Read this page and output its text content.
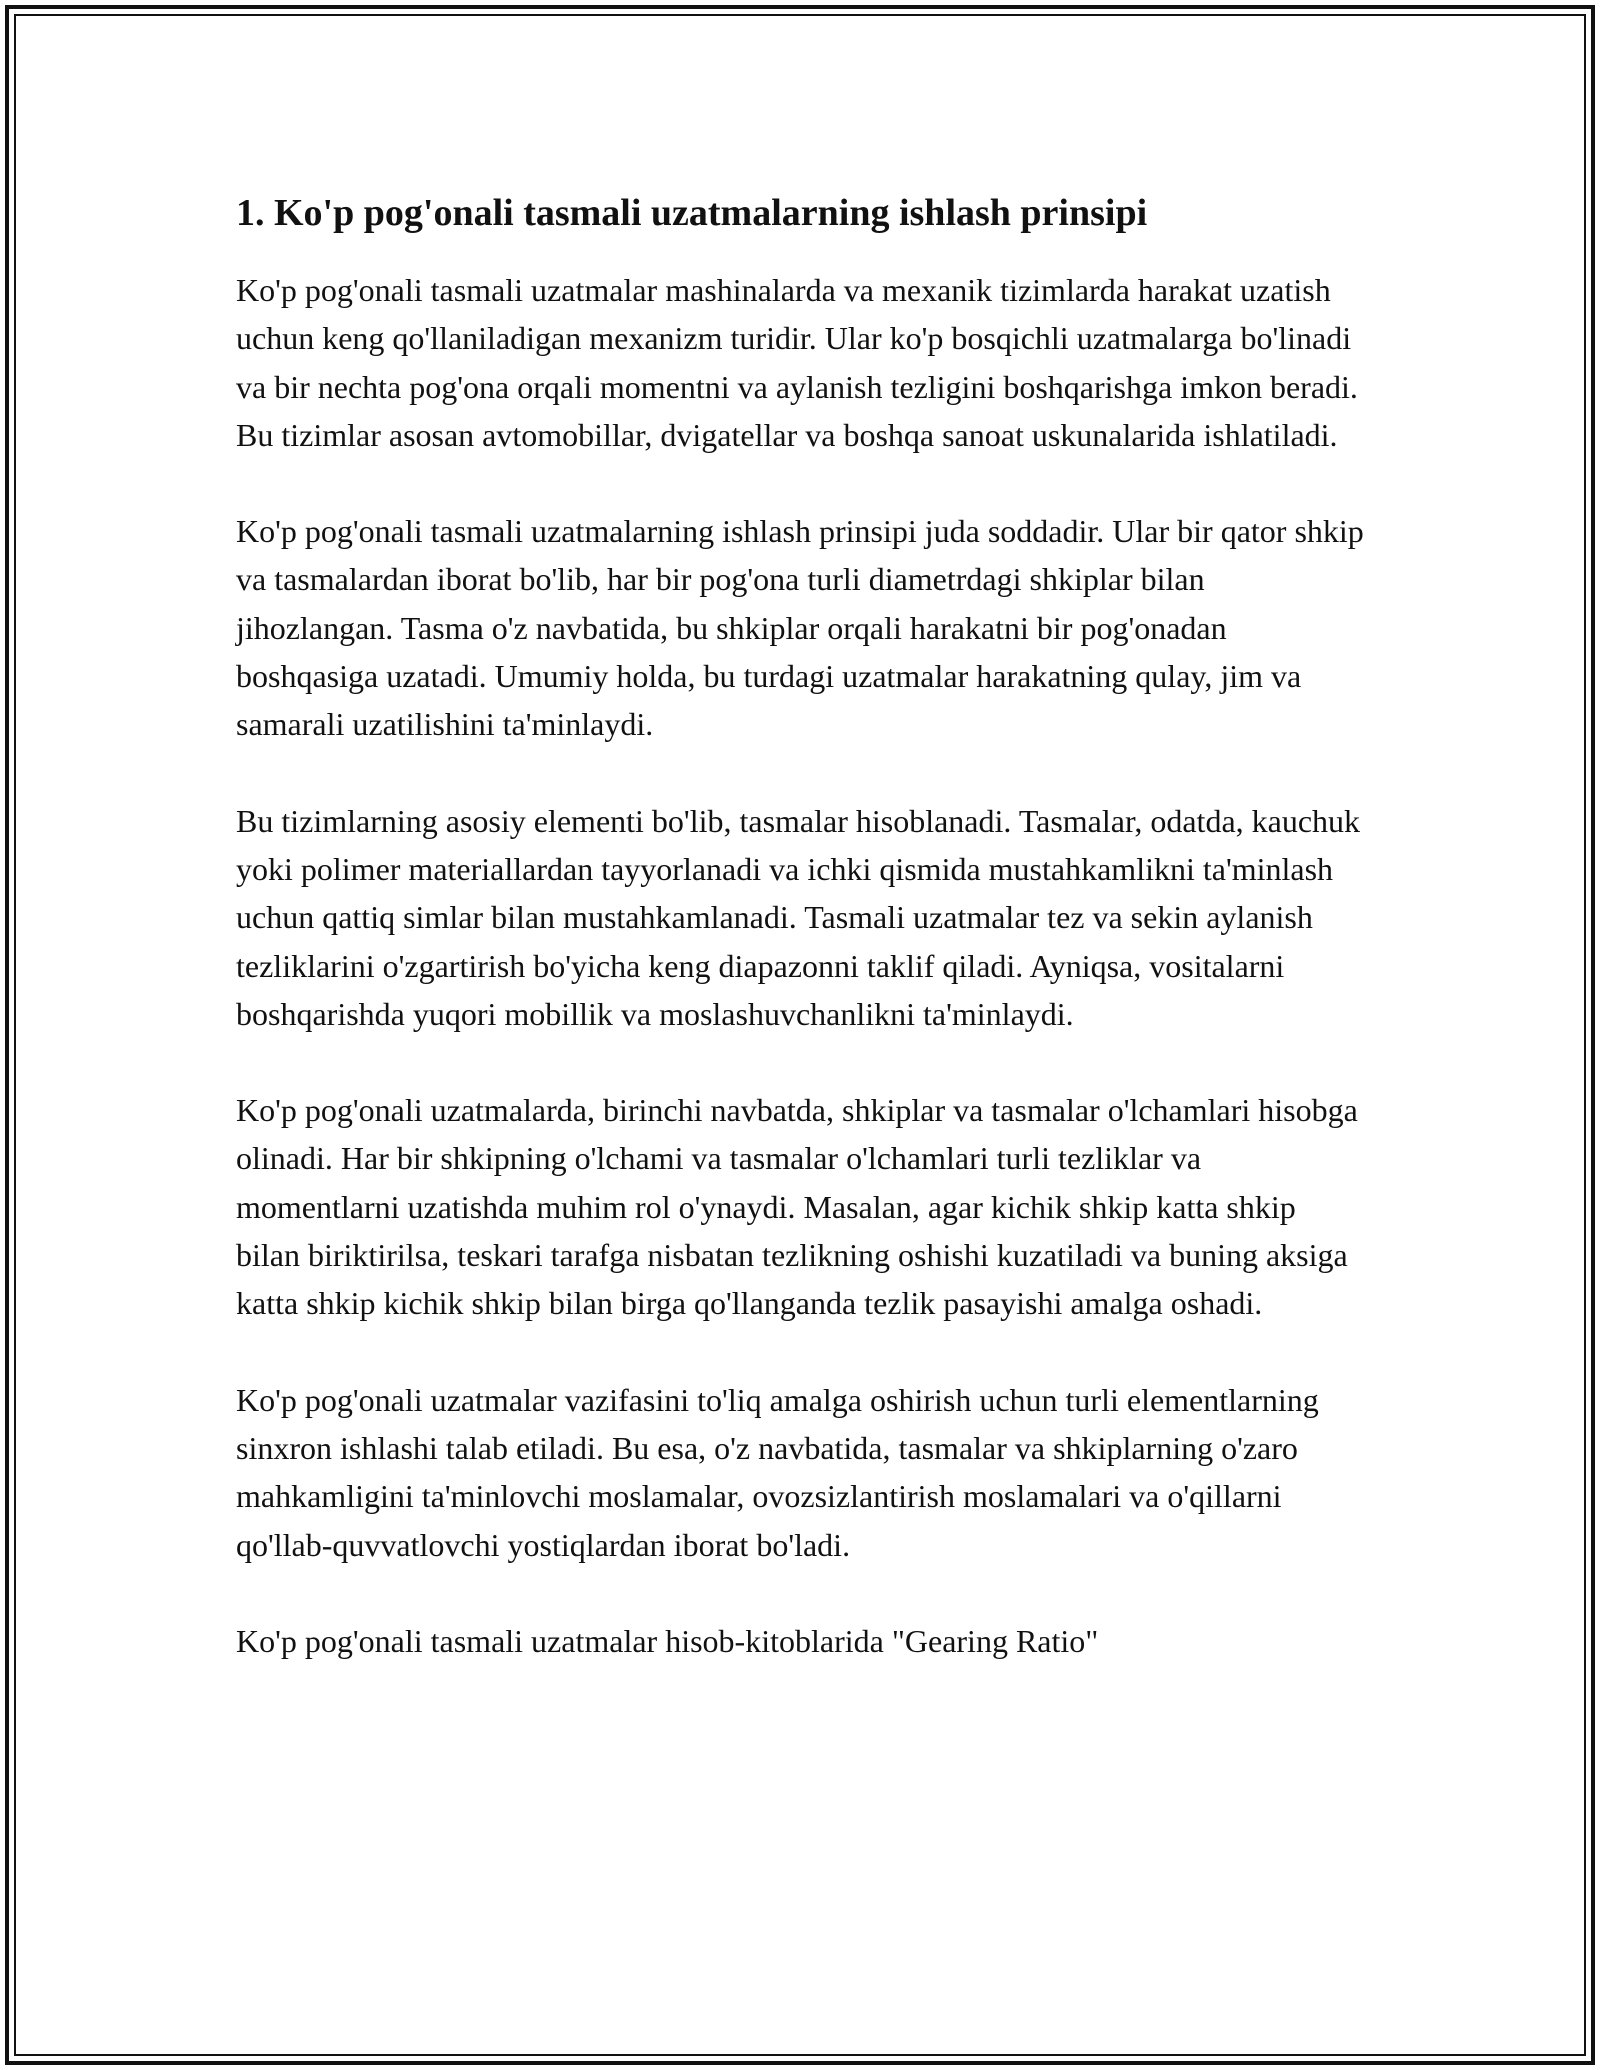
1. Ko'p pog'onali tasmali uzatmalarning ishlash prinsipi

Ko'p pog'onali tasmali uzatmalar mashinalarda va mexanik tizimlarda harakat uzatish uchun keng qo'llaniladigan mexanizm turidir. Ular ko'p bosqichli uzatmalarga bo'linadi va bir nechta pog'ona orqali momentni va aylanish tezligini boshqarishga imkon beradi. Bu tizimlar asosan avtomobillar, dvigatellar va boshqa sanoat uskunalarida ishlatiladi.

Ko'p pog'onali tasmali uzatmalarning ishlash prinsipi juda soddadir. Ular bir qator shkip va tasmalardan iborat bo'lib, har bir pog'ona turli diametrdagi shkiplar bilan jihozlangan. Tasma o'z navbatida, bu shkiplar orqali harakatni bir pog'onadan boshqasiga uzatadi. Umumiy holda, bu turdagi uzatmalar harakatning qulay, jim va samarali uzatilishini ta'minlaydi.

Bu tizimlarning asosiy elementi bo'lib, tasmalar hisoblanadi. Tasmalar, odatda, kauchuk yoki polimer materiallardan tayyorlanadi va ichki qismida mustahkamlikni ta'minlash uchun qattiq simlar bilan mustahkamlanadi. Tasmali uzatmalar tez va sekin aylanish tezliklarini o'zgartirish bo'yicha keng diapazonni taklif qiladi. Ayniqsa, vositalarni boshqarishda yuqori mobillik va moslashuvchanlikni ta'minlaydi.

Ko'p pog'onali uzatmalarda, birinchi navbatda, shkiplar va tasmalar o'lchamlari hisobga olinadi. Har bir shkipning o'lchami va tasmalar o'lchamlari turli tezliklar va momentlarni uzatishda muhim rol o'ynaydi. Masalan, agar kichik shkip katta shkip bilan biriktirilsa, teskari tarafga nisbatan tezlikning oshishi kuzatiladi va buning aksiga katta shkip kichik shkip bilan birga qo'llanganda tezlik pasayishi amalga oshadi.

Ko'p pog'onali uzatmalar vazifasini to'liq amalga oshirish uchun turli elementlarning sinxron ishlashi talab etiladi. Bu esa, o'z navbatida, tasmalar va shkiplarning o'zaro mahkamligini ta'minlovchi moslamalar, ovozsizlantirish moslamalari va o'qillarni qo'llab-quvvatlovchi yostiqlardan iborat bo'ladi.

Ko'p pog'onali tasmali uzatmalar hisob-kitoblarida "Gearing Ratio"
